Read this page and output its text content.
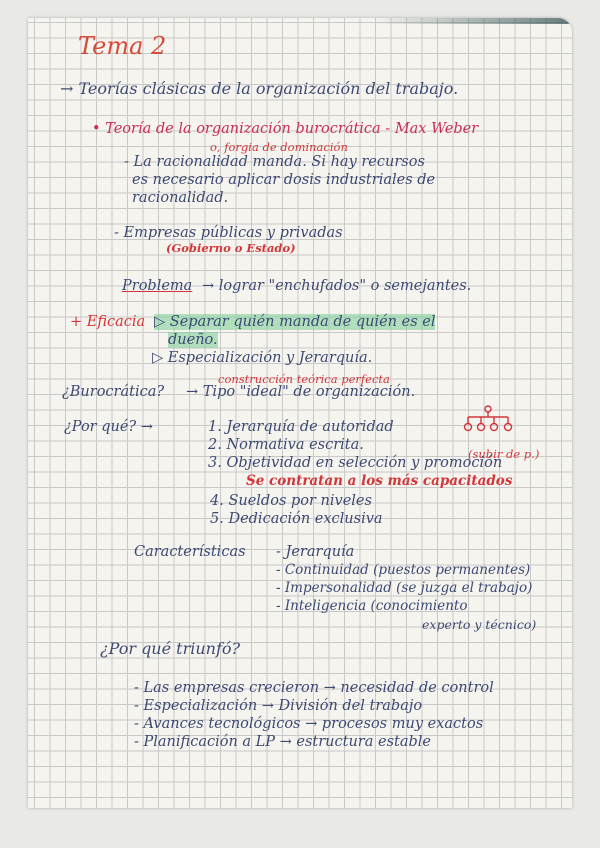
Tema 2
→ Teorías clásicas de la organización del trabajo.
• Teoría de la organización burocrática - Max Weber
o, forgia de dominación
- La racionalidad manda. Si hay recursos
es necesario aplicar dosis industriales de
racionalidad.
- Empresas públicas y privadas
(Gobierno o Estado)
Problema → lograr "enchufados" o semejantes.
+ Eficacia ▷ Separar quién manda de quién es el
dueño.
▷ Especialización y Jerarquía.
construcción teórica perfecta
¿Burocrática? → Tipo "ideal" de organización.
¿Por qué? →	1. Jerarquía de autoridad
2. Normativa escrita.
(subir de p.)
3. Objetividad en selección y promoción
Se contratan a los más capacitados
4. Sueldos por niveles
5. Dedicación exclusiva
Características - Jerarquía
- Continuidad (puestos permanentes)
- Impersonalidad (se juzga el trabajo)
- Inteligencia (conocimiento
experto y técnico)
¿Por qué triunfó?
- Las empresas crecieron → necesidad de control
- Especialización → División del trabajo
- Avances tecnológicos → procesos muy exactos
- Planificación a LP → estructura estable
